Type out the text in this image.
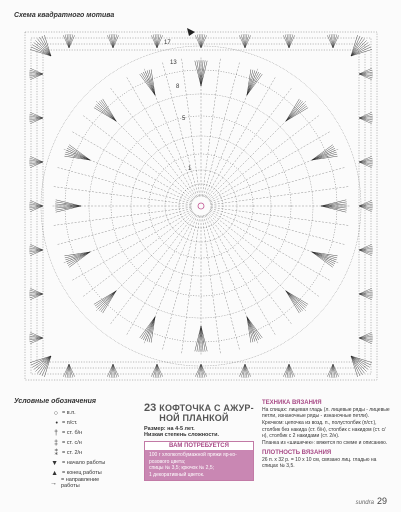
Схема квадратного мотива
17
13
8
5
1
Условные обозначения
○ = в.п.
• = п/ст.
† = ст. б/н
‡ = ст. с/н
⁑ = ст. 2/н
▼ = начало работы
▲ = конец работы
→ = направление работы
23 КОФТОЧКА С АЖУР-НОЙ ПЛАНКОЙ
Размер: на 4-5 лет.
Низкая степень сложности.
ВАМ ПОТРЕБУЕТСЯ
100 г хлопкотобумажной пряжи яр-ко-розового цвета;
спицы № 3,5; крючок № 2,5;
1 декоративный цветок.
ТЕХНИКА ВЯЗАНИЯ

На спицах: лицевая гладь (л. лицевые ряды - лицевые петли, изнаночные ряды - изнаночные петли).

Крючком: цепочка из возд. п., полустолбик (п/ст.), столбик без накида (ст. б/н), столбик с накидом (ст. с/н), столбик с 2 накидами (ст. 2/н).

Планка из «шишечек»: вяжется по схеме и описанию.

ПЛОТНОСТЬ ВЯЗАНИЯ

26 п. x 32 р. = 10 x 10 см, связано лиц. гладью на спицах № 3,5.

sundra 29
